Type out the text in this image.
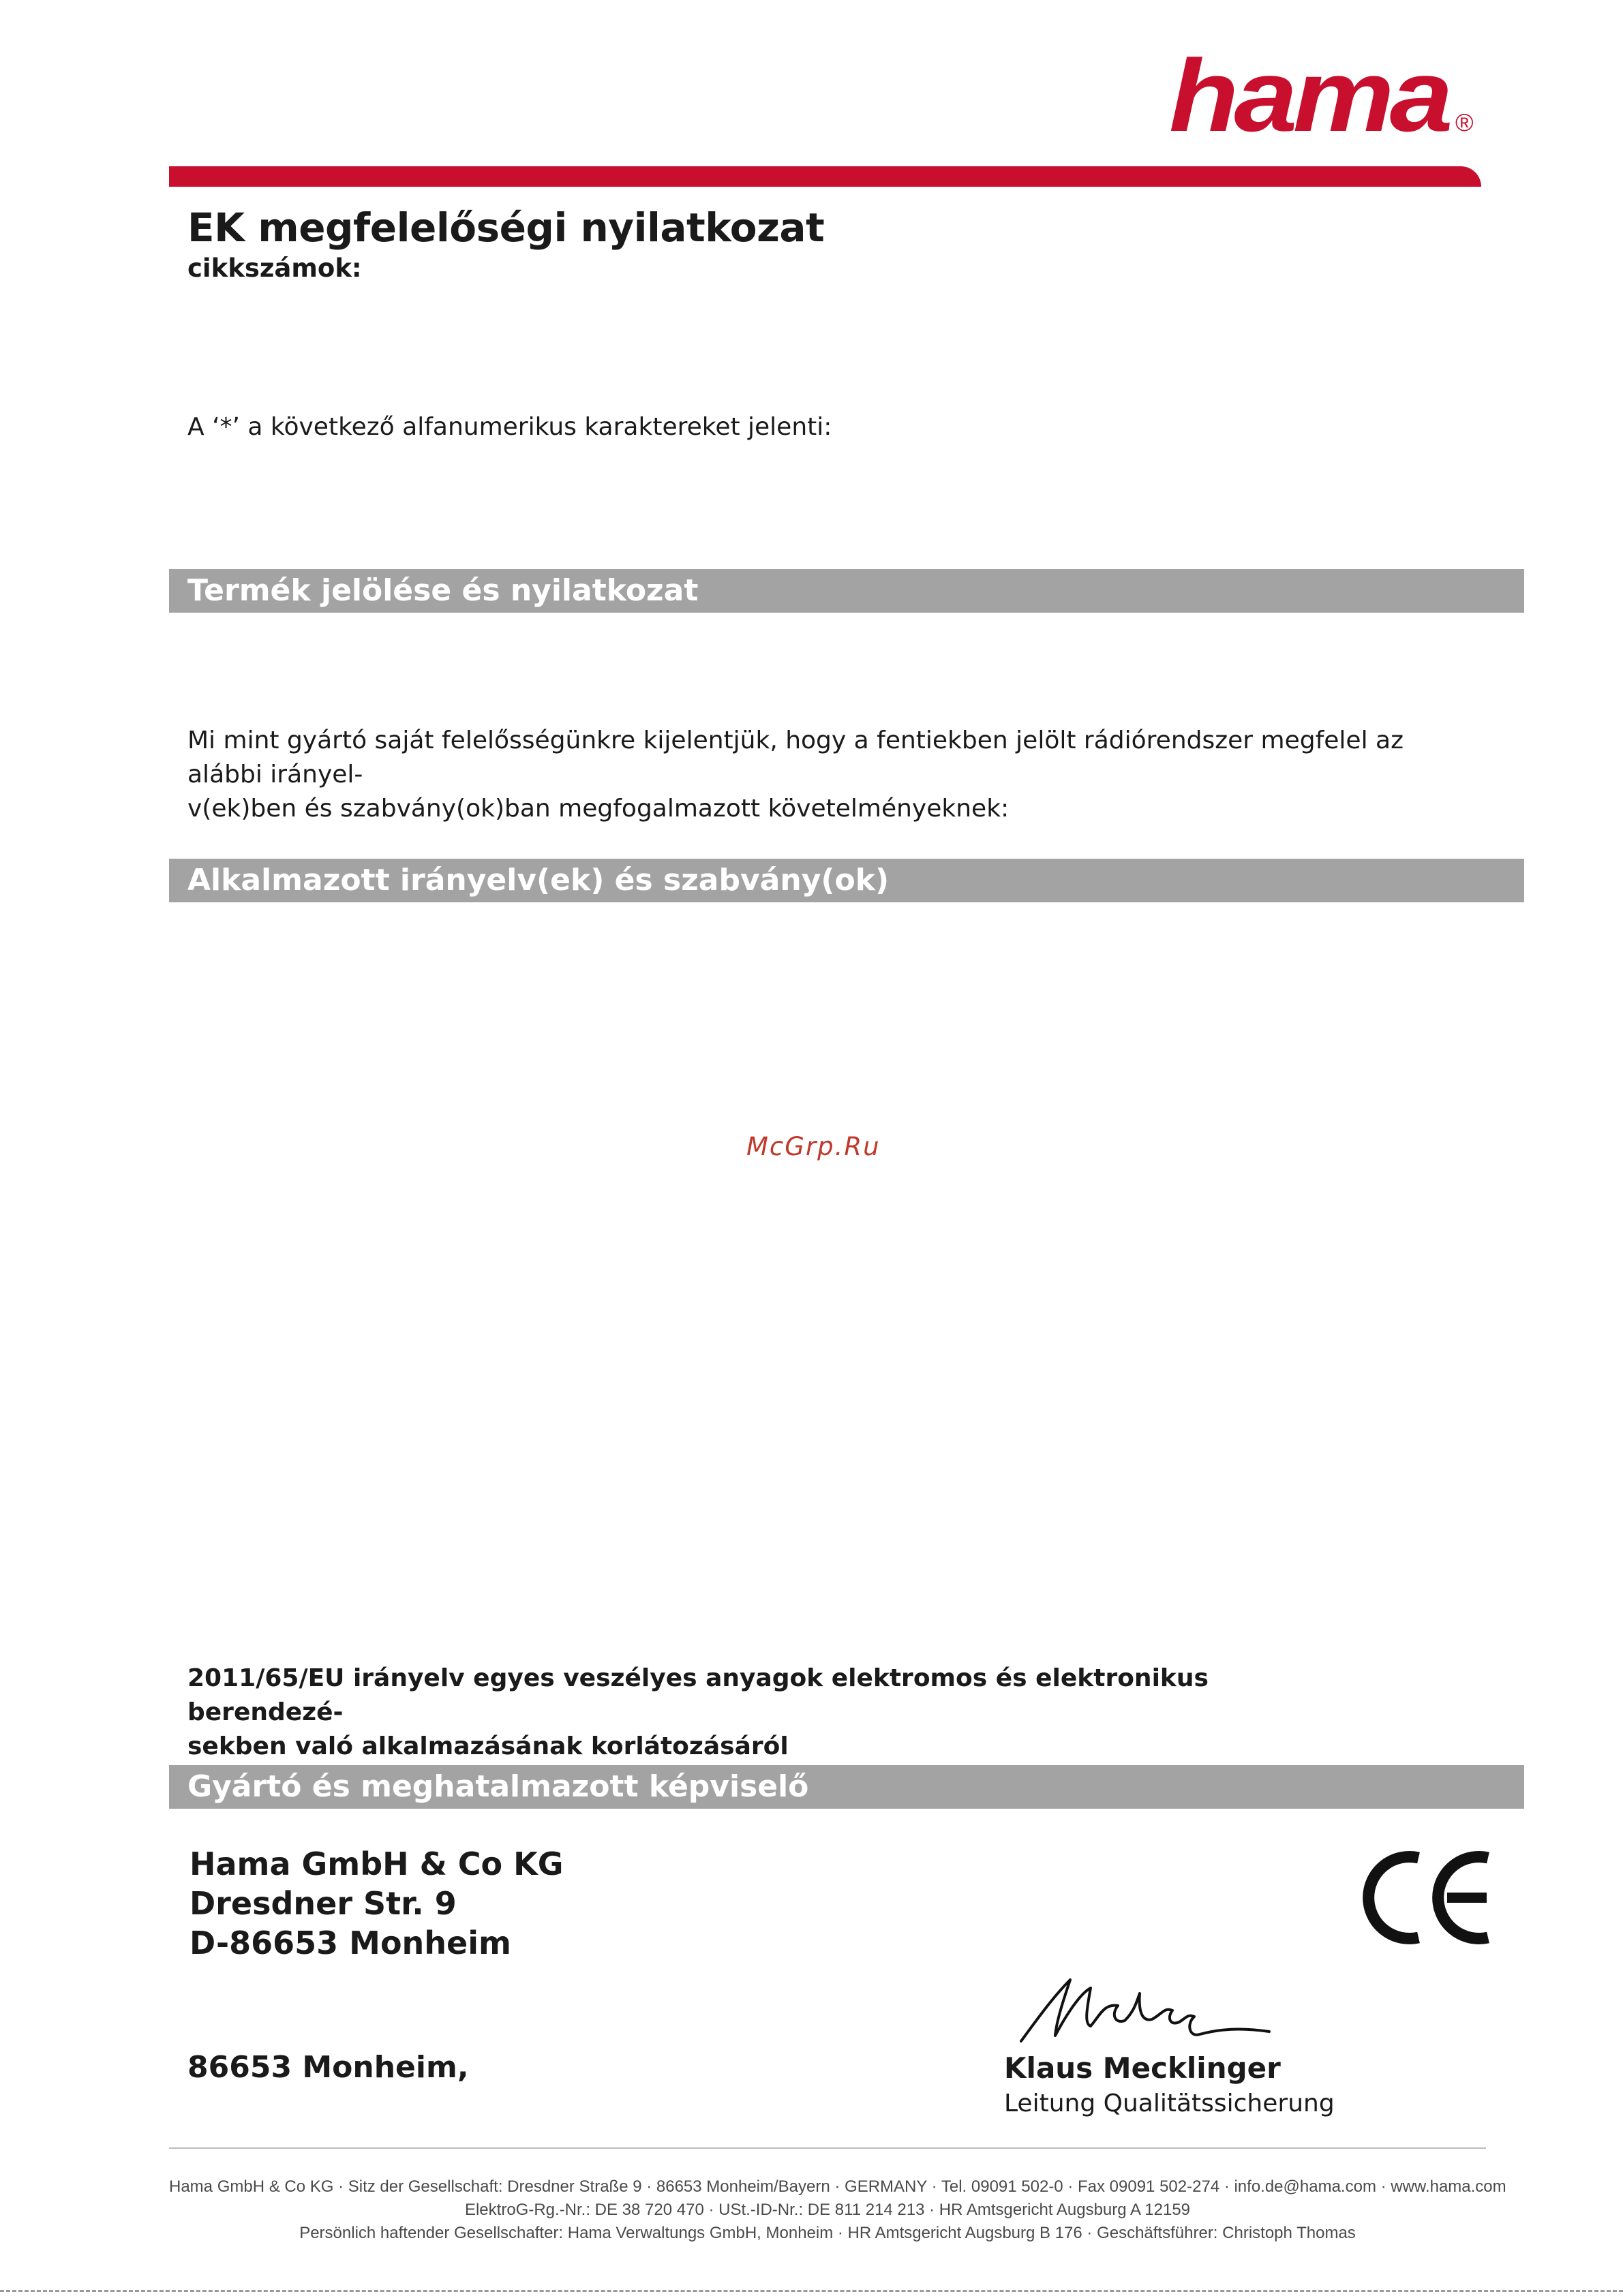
hama ®
EK megfelelőségi nyilatkozat
cikkszámok:
A ‘*’ a következő alfanumerikus karaktereket jelenti:
Termék jelölése és nyilatkozat
Mi mint gyártó saját felelősségünkre kijelentjük, hogy a fentiekben jelölt rádiórendszer megfelel az alábbi irányel-
v(ek)ben és szabvány(ok)ban megfogalmazott követelményeknek:
Alkalmazott irányelv(ek) és szabvány(ok)
McGrp.Ru
2011/65/EU irányelv egyes veszélyes anyagok elektromos és elektronikus berendezé-
sekben való alkalmazásának korlátozásáról
Gyártó és meghatalmazott képviselő
Hama GmbH & Co KG
Dresdner Str. 9
D-86653 Monheim
86653 Monheim,	Klaus Mecklinger
Leitung Qualitätssicherung
Hama GmbH & Co KG · Sitz der Gesellschaft: Dresdner Straße 9 · 86653 Monheim/Bayern · GERMANY · Tel. 09091 502-0 · Fax 09091 502-274 · info.de@hama.com · www.hama.com
ElektroG-Rg.-Nr.: DE 38 720 470 · USt.-ID-Nr.: DE 811 214 213 · HR Amtsgericht Augsburg A 12159
Persönlich haftender Gesellschafter: Hama Verwaltungs GmbH, Monheim · HR Amtsgericht Augsburg B 176 · Geschäftsführer: Christoph Thomas
